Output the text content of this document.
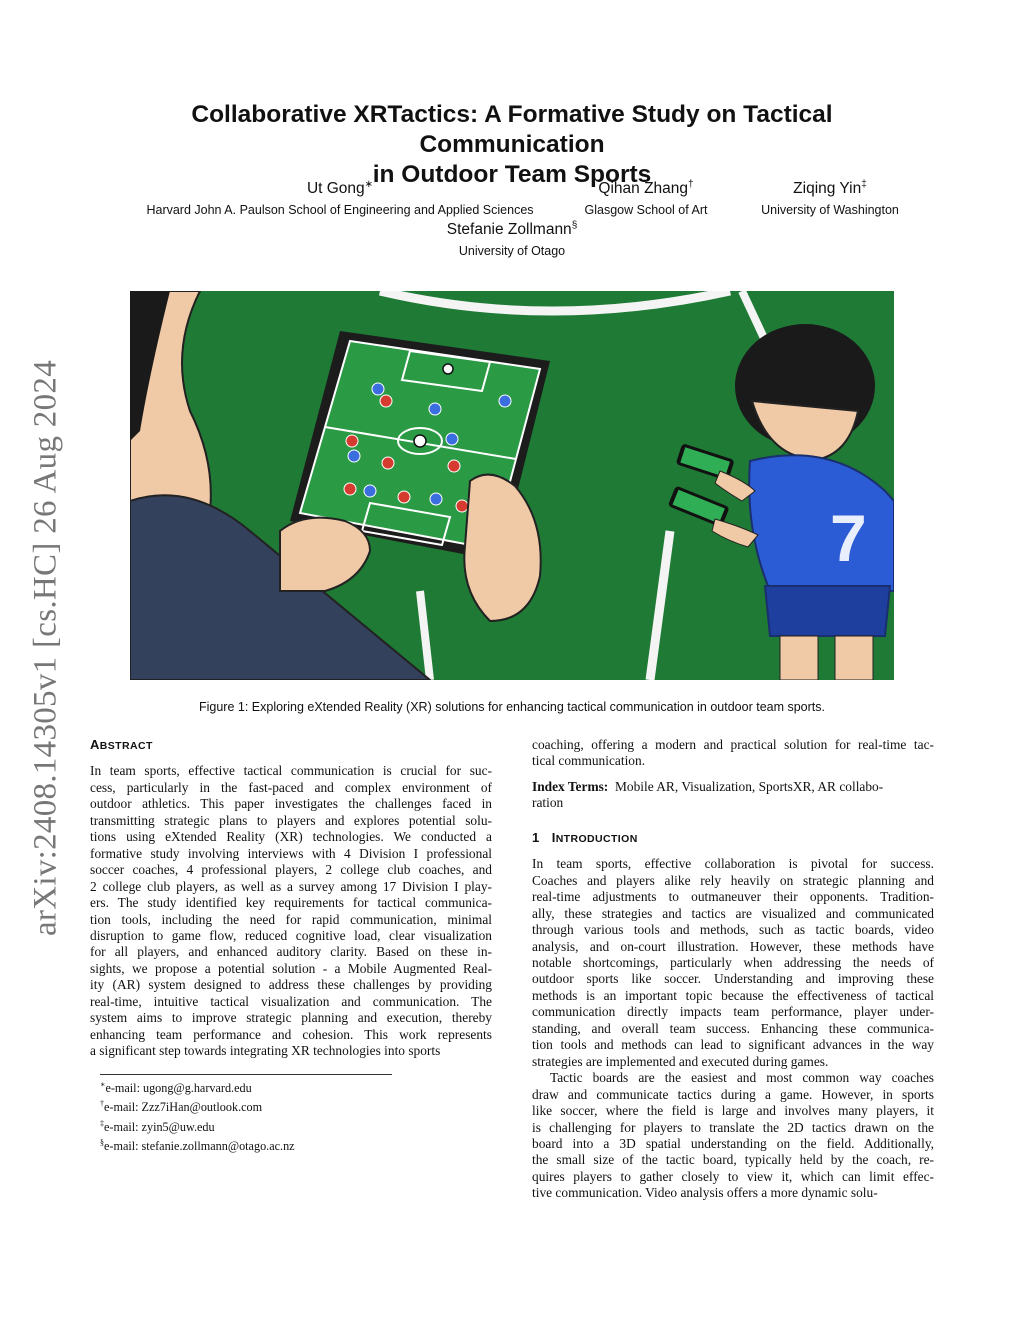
arXiv:2408.14305v1 [cs.HC] 26 Aug 2024
Collaborative XRTactics: A Formative Study on Tactical Communication
in Outdoor Team Sports
Ut Gong∗
Harvard John A. Paulson School of Engineering and Applied Sciences
Qihan Zhang†
Glasgow School of Art
Ziqing Yin‡
University of Washington
Stefanie Zollmann§
University of Otago
7
Figure 1: Exploring eXtended Reality (XR) solutions for enhancing tactical communication in outdoor team sports.
ABSTRACT
In team sports, effective tactical communication is crucial for suc-
cess, particularly in the fast-paced and complex environment of
outdoor athletics. This paper investigates the challenges faced in
transmitting strategic plans to players and explores potential solu-
tions using eXtended Reality (XR) technologies. We conducted a
formative study involving interviews with 4 Division I professional
soccer coaches, 4 professional players, 2 college club coaches, and
2 college club players, as well as a survey among 17 Division I play-
ers. The study identified key requirements for tactical communica-
tion tools, including the need for rapid communication, minimal
disruption to game flow, reduced cognitive load, clear visualization
for all players, and enhanced auditory clarity. Based on these in-
sights, we propose a potential solution - a Mobile Augmented Real-
ity (AR) system designed to address these challenges by providing
real-time, intuitive tactical visualization and communication. The
system aims to improve strategic planning and execution, thereby
enhancing team performance and cohesion. This work represents
a significant step towards integrating XR technologies into sports
∗e-mail: ugong@g.harvard.edu
†e-mail: Zzz7iHan@outlook.com
‡e-mail: zyin5@uw.edu
§e-mail: stefanie.zollmann@otago.ac.nz
coaching, offering a modern and practical solution for real-time tac-
tical communication.
Index Terms: Mobile AR, Visualization, SportsXR, AR collabo-
ration
1 INTRODUCTION
In team sports, effective collaboration is pivotal for success.
Coaches and players alike rely heavily on strategic planning and
real-time adjustments to outmaneuver their opponents. Tradition-
ally, these strategies and tactics are visualized and communicated
through various tools and methods, such as tactic boards, video
analysis, and on-court illustration. However, these methods have
notable shortcomings, particularly when addressing the needs of
outdoor sports like soccer. Understanding and improving these
methods is an important topic because the effectiveness of tactical
communication directly impacts team performance, player under-
standing, and overall team success. Enhancing these communica-
tion tools and methods can lead to significant advances in the way
strategies are implemented and executed during games.
Tactic boards are the easiest and most common way coaches
draw and communicate tactics during a game. However, in sports
like soccer, where the field is large and involves many players, it
is challenging for players to translate the 2D tactics drawn on the
board into a 3D spatial understanding on the field. Additionally,
the small size of the tactic board, typically held by the coach, re-
quires players to gather closely to view it, which can limit effec-
tive communication. Video analysis offers a more dynamic solu-
